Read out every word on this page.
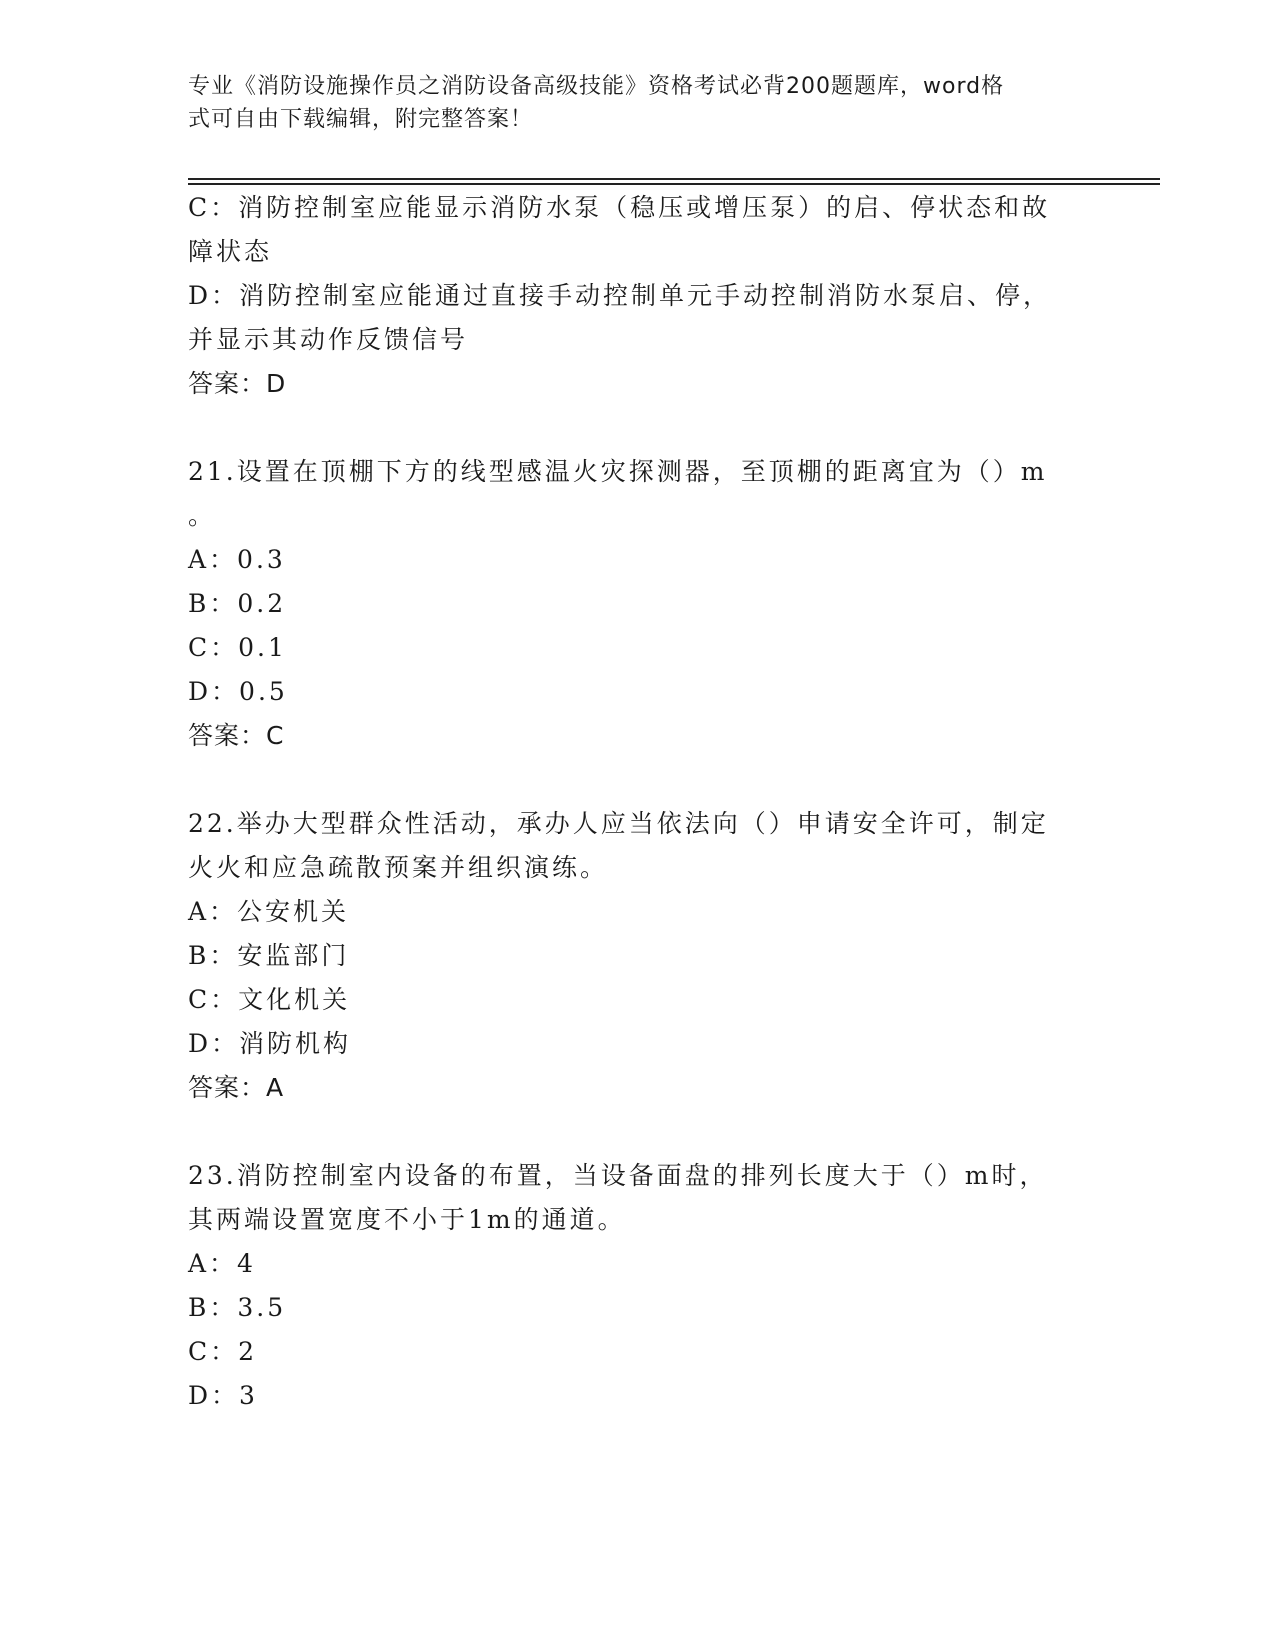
专业《消防设施操作员之消防设备高级技能》资格考试必背200题题库，word格
式可自由下载编辑，附完整答案！
C：消防控制室应能显示消防水泵（稳压或增压泵）的启、停状态和故
障状态
D：消防控制室应能通过直接手动控制单元手动控制消防水泵启、停，
并显示其动作反馈信号
答案：D
21.设置在顶棚下方的线型感温火灾探测器，至顶棚的距离宜为（）m
。
A：0.3
B：0.2
C：0.1
D：0.5
答案：C
22.举办大型群众性活动，承办人应当依法向（）申请安全许可，制定
火火和应急疏散预案并组织演练。
A：公安机关
B：安监部门
C：文化机关
D：消防机构
答案：A
23.消防控制室内设备的布置，当设备面盘的排列长度大于（）m时，
其两端设置宽度不小于1m的通道。
A：4
B：3.5
C：2
D：3
